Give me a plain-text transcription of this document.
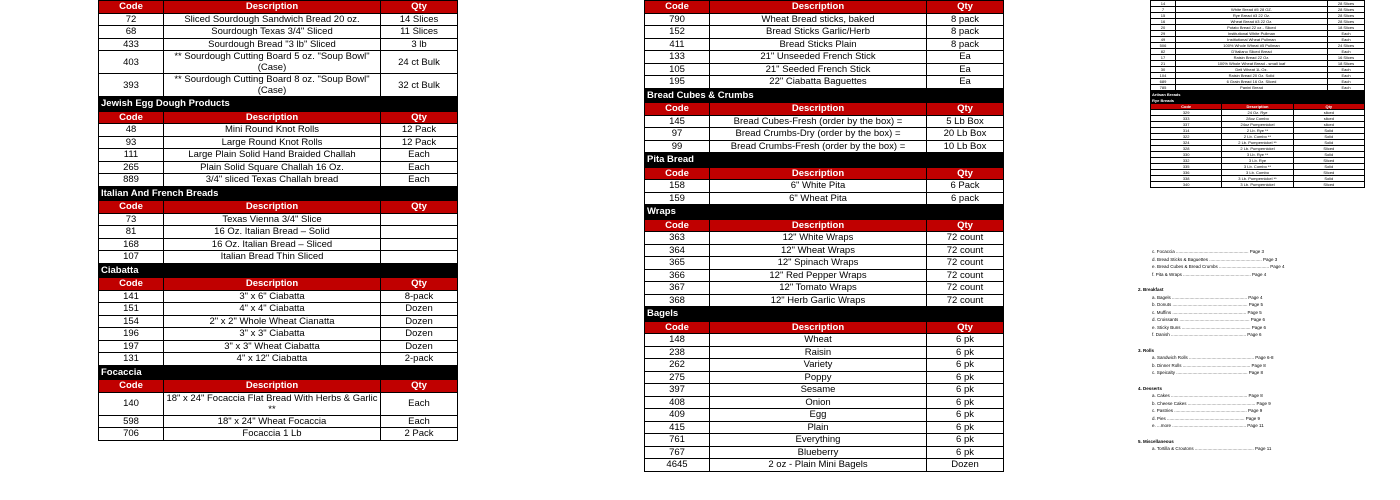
Code	Description	Qty
72	Sliced Sourdough Sandwich Bread 20 oz.	14 Slices
68	Sourdough Texas 3/4" Sliced	11 Slices
433	Sourdough Bread "3 lb" Sliced	3 lb
403	** Sourdough Cutting Board 5 oz. "Soup Bowl" (Case)	24 ct Bulk
393	** Sourdough Cutting Board 8 oz. "Soup Bowl" (Case)	32 ct Bulk
Jewish Egg Dough Products
Code	Description	Qty
48	Mini Round Knot Rolls	12 Pack
93	Large Round Knot Rolls	12 Pack
111	Large Plain Solid Hand Braided Challah	Each
265	Plain Solid Square Challah 16 Oz.	Each
889	3/4" sliced Texas Challah bread	Each
Italian And French Breads
Code	Description	Qty
73	Texas Vienna 3/4" Slice	
81	16 Oz. Italian Bread – Solid	
168	16 Oz. Italian Bread – Sliced	
107	Italian Bread Thin Sliced	
Ciabatta
Code	Description	Qty
141	3" x 6" Ciabatta	8-pack
151	4" x 4" Ciabatta	Dozen
154	2" x 2" Whole Wheat Cianatta	Dozen
196	3" x 3" Ciabatta	Dozen
197	3" x 3" Wheat Ciabatta	Dozen
131	4" x 12" Ciabatta	2-pack
Focaccia
Code	Description	Qty
140	18" x 24" Focaccia Flat Bread With Herbs & Garlic **	Each
598	18" x 24" Wheat Focaccia	Each
706	Focaccia 1 Lb	2 Pack
Code	Description	Qty
790	Wheat Bread sticks, baked	8 pack
152	Bread Sticks Garlic/Herb	8 pack
411	Bread Sticks Plain	8 pack
133	21" Unseeded French Stick	Ea
105	21" Seeded French Stick	Ea
195	22" Ciabatta Baguettes	Ea
Bread Cubes & Crumbs
Code	Description	Qty
145	Bread Cubes-Fresh (order by the box) =	5 Lb Box
97	Bread Crumbs-Dry (order by the box) =	20 Lb Box
99	Bread Crumbs-Fresh (order by the box) =	10 Lb Box
Pita Bread
Code	Description	Qty
158	6" White Pita	6 Pack
159	6" Wheat Pita	6 pack
Wraps
Code	Description	Qty
363	12" White Wraps	72 count
364	12" Wheat Wraps	72 count
365	12" Spinach Wraps	72 count
366	12" Red Pepper Wraps	72 count
367	12" Tomato Wraps	72 count
368	12" Herb Garlic Wraps	72 count
Bagels
Code	Description	Qty
148	Wheat	6 pk
238	Raisin	6 pk
262	Variety	6 pk
275	Poppy	6 pk
397	Sesame	6 pk
408	Onion	6 pk
409	Egg	6 pk
415	Plain	6 pk
761	Everything	6 pk
767	Blueberry	6 pk
4645	2 oz - Plain Mini Bagels	Dozen
14		28 Slices
7	White Bread #5 28 OZ.	28 Slices
15	Rye Bread #3 22 Oz.	28 Slices
16	Wheat Bread #3 22 Oz.	28 Slices
20	Potato Bread 22 oz - Sliced	18 Slices
29	Institutional White Pullman	Each
49	Institutional Wheat Pullman	Each
506	100% Whole Wheat #5 Pullman	24 Slices
82	D'Italiano Sliced Bread	Each
17	Raisin Bread 22 Oz.	16 Slices
21	100% Whole Wheat Bread - small loaf	18 Slices
30	Deli Wheat 1L Oz.	Each
104	Raisin Bread 20 Oz. Solid	Each
689	6 Grain Bread 16 Oz. Sliced	Each
785	Panini Bread	Each
Artisan Breads		
Rye Breads		
Code	Description	Qty
329	24 Oz. Rye	sliced
333	28oz Combo	sliced
337	24oz Pumpernickel	sliced
314	2 Lb. Rye **	Solid
322	2 Lb. Combo **	Solid
324	2 Lb. Pumpernickel **	Solid
328	2 Lb. Pumpernickel	Sliced
330	3 Lb. Rye **	Solid
332	3 Lb. Rye	Sliced
335	3 Lb. Combo **	Solid
336	3 Lb. Combo	Sliced
338	3 Lb. Pumpernickel **	Solid
340	3 Lb. Pumpernickel	Sliced
c. Focaccia .......................................................... Page 3
d. Bread Sticks & Baguettes .......................................... Page 3
e. Bread Cubes & Bread Crumbs ........................................ Page 4
f. Pita & Wraps ...................................................... Page 4
2. Breakfast
a. Bagels ............................................................ Page 4
b. Donuts ............................................................ Page 5
c. Muffins ........................................................... Page 5
d. Croissants ........................................................ Page 6
e. Sticky Buns ....................................................... Page 6
f. Danish ............................................................ Page 6
3. Rolls
a. Sandwich Rolls .................................................... Page 6-8
b. Dinner Rolls ...................................................... Page 8
c. Speicalty ......................................................... Page 8
4. Desserts
a. Cakes ............................................................. Page 8
b. Cheese Cakes ...................................................... Page 9
c. Pastries .......................................................... Page 9
d. Pies .............................................................. Page 9
e. ...more ........................................................... Page 11
5. Miscellaneous
a. Tortilla & Croutons ............................................... Page 11
